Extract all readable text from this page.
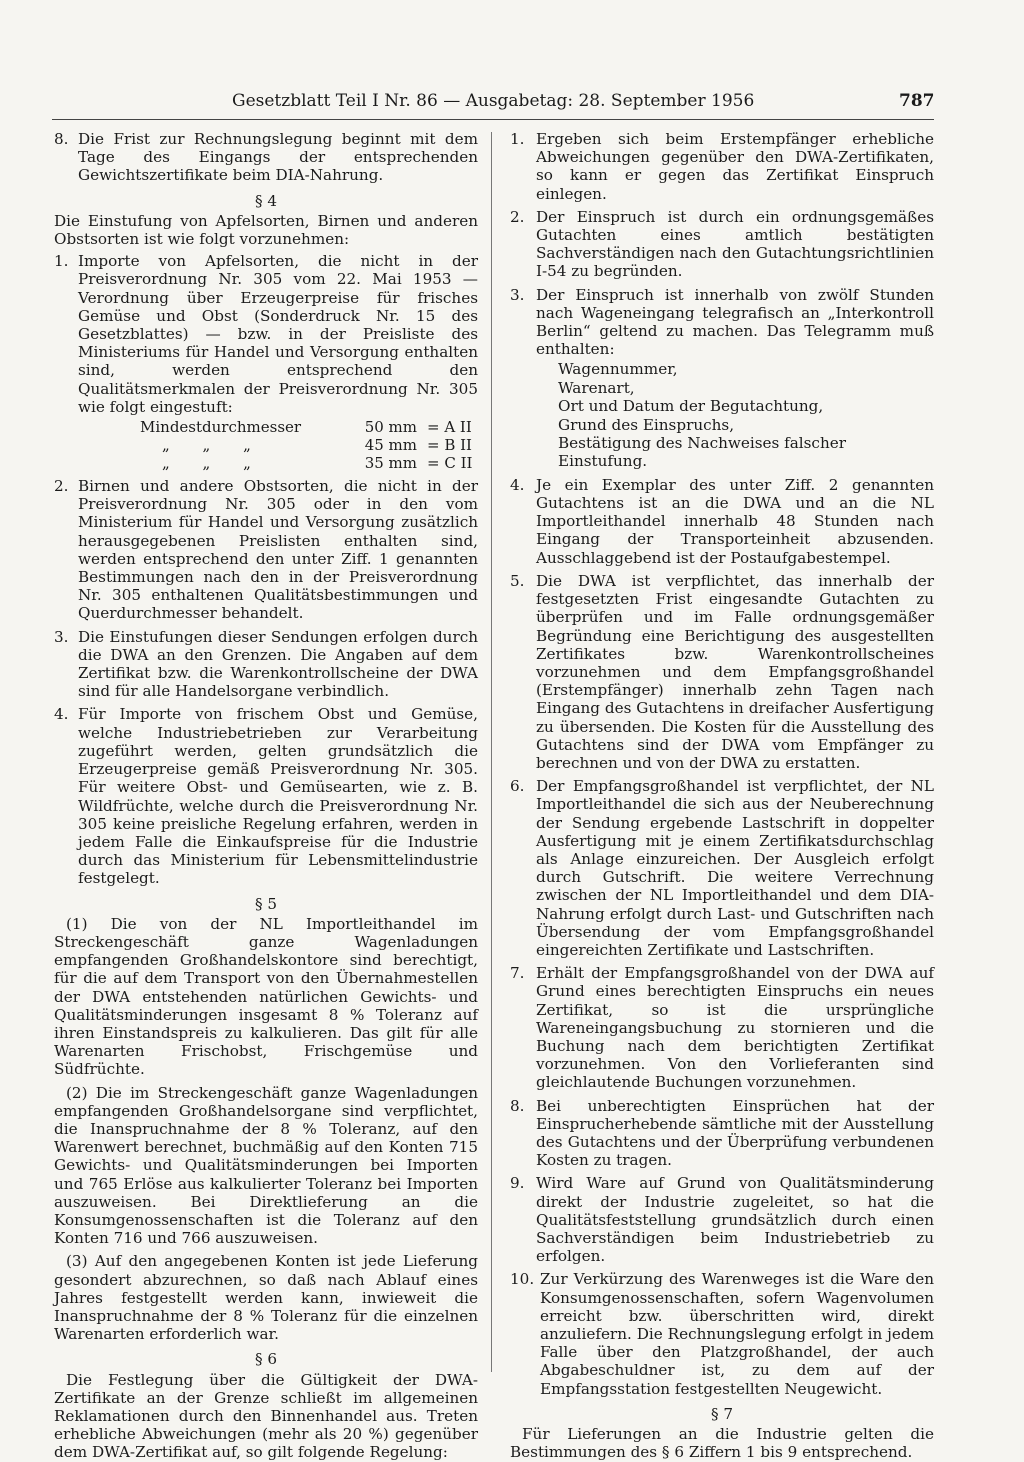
Gesetzblatt Teil I Nr. 86 — Ausgabetag: 28. September 1956	787
8. Die Frist zur Rechnungslegung beginnt mit dem Tage des Eingangs der entsprechenden Gewichtszertifikate beim DIA-Nahrung.

§ 4

Die Einstufung von Apfelsorten, Birnen und anderen Obstsorten ist wie folgt vorzunehmen:

1. Importe von Apfelsorten, die nicht in der Preisverordnung Nr. 305 vom 22. Mai 1953 — Verordnung über Erzeugerpreise für frisches Gemüse und Obst (Sonderdruck Nr. 15 des Gesetzblattes) — bzw. in der Preisliste des Ministeriums für Handel und Versorgung enthalten sind, werden entsprechend den Qualitätsmerkmalen der Preisverordnung Nr. 305 wie folgt eingestuft:

Mindestdurchmesser	50 mm = A II
„ „ „	45 mm = B II
„ „ „	35 mm = C II
2. Birnen und andere Obstsorten, die nicht in der Preisverordnung Nr. 305 oder in den vom Ministerium für Handel und Versorgung zusätzlich herausgegebenen Preislisten enthalten sind, werden entsprechend den unter Ziff. 1 genannten Bestimmungen nach den in der Preisverordnung Nr. 305 enthaltenen Qualitätsbestimmungen und Querdurchmesser behandelt.

3. Die Einstufungen dieser Sendungen erfolgen durch die DWA an den Grenzen. Die Angaben auf dem Zertifikat bzw. die Warenkontrollscheine der DWA sind für alle Handelsorgane verbindlich.

4. Für Importe von frischem Obst und Gemüse, welche Industriebetrieben zur Verarbeitung zugeführt werden, gelten grundsätzlich die Erzeugerpreise gemäß Preisverordnung Nr. 305. Für weitere Obst- und Gemüsearten, wie z. B. Wildfrüchte, welche durch die Preisverordnung Nr. 305 keine preisliche Regelung erfahren, werden in jedem Falle die Einkaufspreise für die Industrie durch das Ministerium für Lebensmittelindustrie festgelegt.

§ 5

(1) Die von der NL Importleithandel im Streckengeschäft ganze Wagenladungen empfangenden Großhandelskontore sind berechtigt, für die auf dem Transport von den Übernahmestellen der DWA entstehenden natürlichen Gewichts- und Qualitätsminderungen insgesamt 8 % Toleranz auf ihren Einstandspreis zu kalkulieren. Das gilt für alle Warenarten Frischobst, Frischgemüse und Südfrüchte.

(2) Die im Streckengeschäft ganze Wagenladungen empfangenden Großhandelsorgane sind verpflichtet, die Inanspruchnahme der 8 % Toleranz, auf den Warenwert berechnet, buchmäßig auf den Konten 715 Gewichts- und Qualitätsminderungen bei Importen und 765 Erlöse aus kalkulierter Toleranz bei Importen auszuweisen. Bei Direktlieferung an die Konsumgenossenschaften ist die Toleranz auf den Konten 716 und 766 auszuweisen.

(3) Auf den angegebenen Konten ist jede Lieferung gesondert abzurechnen, so daß nach Ablauf eines Jahres festgestellt werden kann, inwieweit die Inanspruchnahme der 8 % Toleranz für die einzelnen Warenarten erforderlich war.

§ 6

Die Festlegung über die Gültigkeit der DWA-Zertifikate an der Grenze schließt im allgemeinen Reklamationen durch den Binnenhandel aus. Treten erhebliche Abweichungen (mehr als 20 %) gegenüber dem DWA-Zertifikat auf, so gilt folgende Regelung:

1. Ergeben sich beim Erstempfänger erhebliche Abweichungen gegenüber den DWA-Zertifikaten, so kann er gegen das Zertifikat Einspruch einlegen.

2. Der Einspruch ist durch ein ordnungsgemäßes Gutachten eines amtlich bestätigten Sachverständigen nach den Gutachtungsrichtlinien I-54 zu begründen.

3. Der Einspruch ist innerhalb von zwölf Stunden nach Wageneingang telegrafisch an „Interkontroll Berlin“ geltend zu machen. Das Telegramm muß enthalten:

Wagennummer,
Warenart,
Ort und Datum der Begutachtung,
Grund des Einspruchs,
Bestätigung des Nachweises falscher Einstufung.
4. Je ein Exemplar des unter Ziff. 2 genannten Gutachtens ist an die DWA und an die NL Importleithandel innerhalb 48 Stunden nach Eingang der Transporteinheit abzusenden. Ausschlaggebend ist der Postaufgabestempel.

5. Die DWA ist verpflichtet, das innerhalb der festgesetzten Frist eingesandte Gutachten zu überprüfen und im Falle ordnungsgemäßer Begründung eine Berichtigung des ausgestellten Zertifikates bzw. Warenkontrollscheines vorzunehmen und dem Empfangsgroßhandel (Erstempfänger) innerhalb zehn Tagen nach Eingang des Gutachtens in dreifacher Ausfertigung zu übersenden. Die Kosten für die Ausstellung des Gutachtens sind der DWA vom Empfänger zu berechnen und von der DWA zu erstatten.

6. Der Empfangsgroßhandel ist verpflichtet, der NL Importleithandel die sich aus der Neuberechnung der Sendung ergebende Lastschrift in doppelter Ausfertigung mit je einem Zertifikatsdurchschlag als Anlage einzureichen. Der Ausgleich erfolgt durch Gutschrift. Die weitere Verrechnung zwischen der NL Importleithandel und dem DIA-Nahrung erfolgt durch Last- und Gutschriften nach Übersendung der vom Empfangsgroßhandel eingereichten Zertifikate und Lastschriften.

7. Erhält der Empfangsgroßhandel von der DWA auf Grund eines berechtigten Einspruchs ein neues Zertifikat, so ist die ursprüngliche Wareneingangsbuchung zu stornieren und die Buchung nach dem berichtigten Zertifikat vorzunehmen. Von den Vorlieferanten sind gleichlautende Buchungen vorzunehmen.

8. Bei unberechtigten Einsprüchen hat der Einsprucherhebende sämtliche mit der Ausstellung des Gutachtens und der Überprüfung verbundenen Kosten zu tragen.

9. Wird Ware auf Grund von Qualitätsminderung direkt der Industrie zugeleitet, so hat die Qualitätsfeststellung grundsätzlich durch einen Sachverständigen beim Industriebetrieb zu erfolgen.

10. Zur Verkürzung des Warenweges ist die Ware den Konsumgenossenschaften, sofern Wagenvolumen erreicht bzw. überschritten wird, direkt anzuliefern. Die Rechnungslegung erfolgt in jedem Falle über den Platzgroßhandel, der auch Abgabeschuldner ist, zu dem auf der Empfangsstation festgestellten Neugewicht.

§ 7

Für Lieferungen an die Industrie gelten die Bestimmungen des § 6 Ziffern 1 bis 9 entsprechend.
